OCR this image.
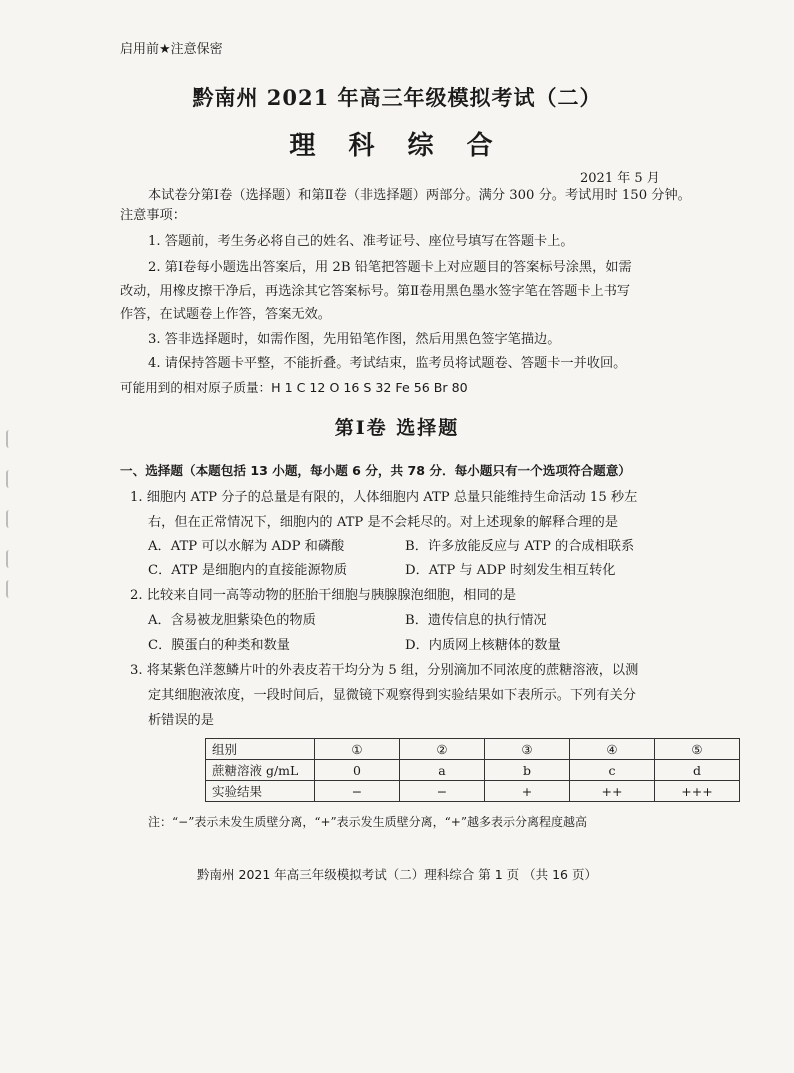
启用前★注意保密
黔南州 2021 年高三年级模拟考试（二）
理 科 综 合
2021 年 5 月
本试卷分第Ⅰ卷（选择题）和第Ⅱ卷（非选择题）两部分。满分 300 分。考试用时 150 分钟。
注意事项：
1. 答题前，考生务必将自己的姓名、准考证号、座位号填写在答题卡上。
2. 第Ⅰ卷每小题选出答案后，用 2B 铅笔把答题卡上对应题目的答案标号涂黑，如需
改动，用橡皮擦干净后，再选涂其它答案标号。第Ⅱ卷用黑色墨水签字笔在答题卡上书写
作答，在试题卷上作答，答案无效。
3. 答非选择题时，如需作图，先用铅笔作图，然后用黑色签字笔描边。
4. 请保持答题卡平整，不能折叠。考试结束，监考员将试题卷、答题卡一并收回。
可能用到的相对原子质量：H 1 C 12 O 16 S 32 Fe 56 Br 80
第Ⅰ卷 选择题
一、选择题（本题包括 13 小题，每小题 6 分，共 78 分．每小题只有一个选项符合题意）
1. 细胞内 ATP 分子的总量是有限的，人体细胞内 ATP 总量只能维持生命活动 15 秒左
右，但在正常情况下，细胞内的 ATP 是不会耗尽的。对上述现象的解释合理的是
A．ATP 可以水解为 ADP 和磷酸	B．许多放能反应与 ATP 的合成相联系
C．ATP 是细胞内的直接能源物质	D．ATP 与 ADP 时刻发生相互转化
2. 比较来自同一高等动物的胚胎干细胞与胰腺腺泡细胞，相同的是
A．含易被龙胆紫染色的物质	B．遗传信息的执行情况
C．膜蛋白的种类和数量	D．内质网上核糖体的数量
3. 将某紫色洋葱鳞片叶的外表皮若干均分为 5 组，分别滴加不同浓度的蔗糖溶液，以测
定其细胞液浓度，一段时间后，显微镜下观察得到实验结果如下表所示。下列有关分
析错误的是
组别	①	②	③	④	⑤
蔗糖溶液 g/mL	0	a	b	c	d
实验结果	−	−	+	++	+++
注：“−”表示未发生质壁分离，“+”表示发生质壁分离，“+”越多表示分离程度越高
黔南州 2021 年高三年级模拟考试（二）理科综合 第 1 页 （共 16 页）
